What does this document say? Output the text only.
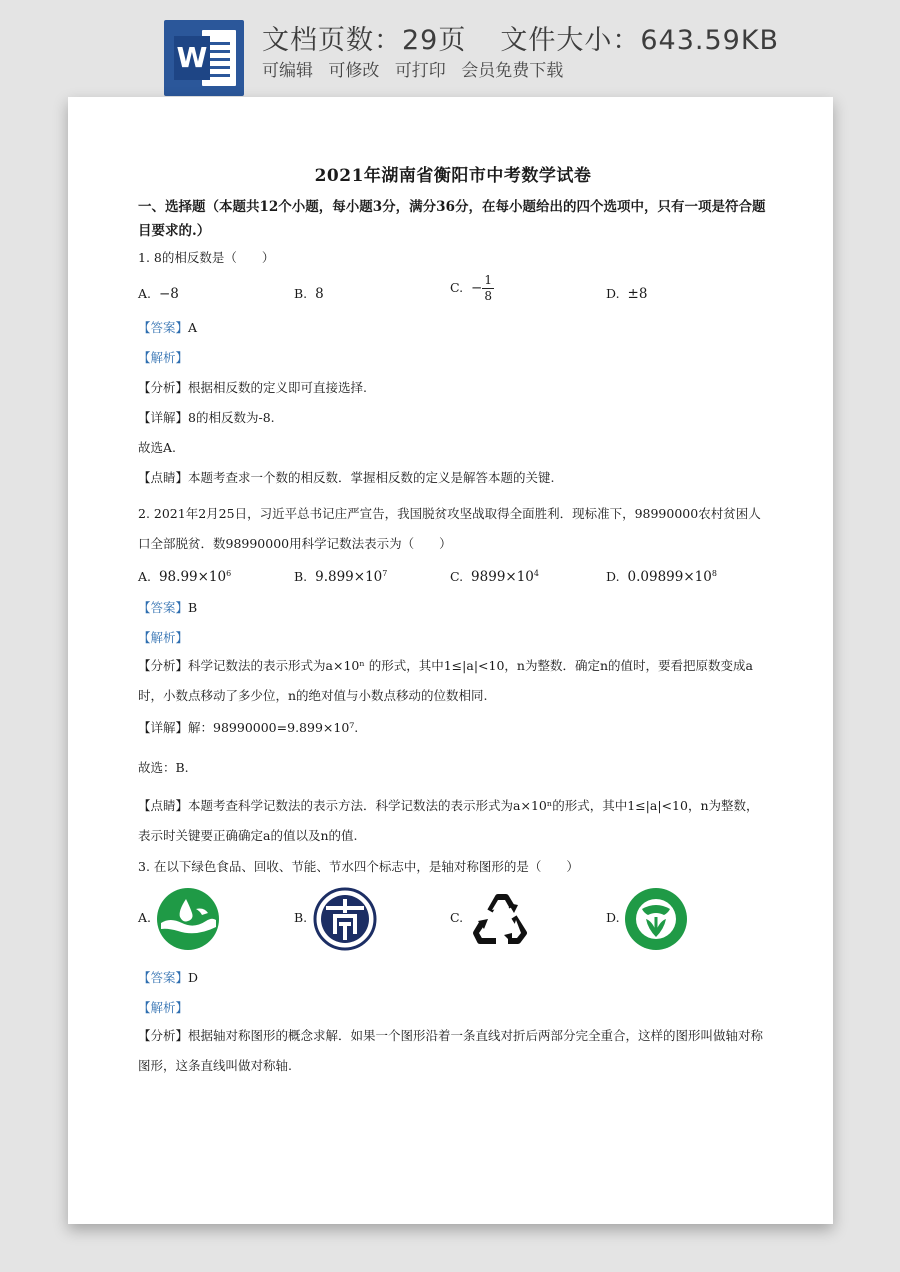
W
文档页数：29页 文件大小：643.59KB
可编辑 可修改 可打印 会员免费下载
2021年湖南省衡阳市中考数学试卷
一、选择题（本题共12个小题，每小题3分，满分36分，在每小题给出的四个选项中，只有一项是符合题目要求的.）
1. 8的相反数是（　　）
A. −8	B. 8	C. − $\frac{1}{8}$	D. ±8
【答案】A
【解析】
【分析】根据相反数的定义即可直接选择.
【详解】8的相反数为-8.
故选A.
【点睛】本题考查求一个数的相反数．掌握相反数的定义是解答本题的关键.
2. 2021年2月25日，习近平总书记庄严宣告，我国脱贫攻坚战取得全面胜利．现标准下，98990000农村贫困人口全部脱贫．数98990000用科学记数法表示为（　　）
A. $98.99\times 10^6$	B. $9.899\times 10^7$	C. $9899\times 10^4$	D. $0.09899\times 10^8$
【答案】B
【解析】
【分析】科学记数法的表示形式为a×10ⁿ 的形式，其中1≤|a|<10，n为整数．确定n的值时，要看把原数变成a时，小数点移动了多少位，n的绝对值与小数点移动的位数相同.
【详解】解：98990000=9.899×10⁷.
故选：B.
【点睛】本题考查科学记数法的表示方法．科学记数法的表示形式为a×10ⁿ的形式，其中1≤|a|<10，n为整数，表示时关键要正确确定a的值以及n的值.
3. 在以下绿色食品、回收、节能、节水四个标志中，是轴对称图形的是（　　）
A.	B.	C.	D.
【答案】D
【解析】
【分析】根据轴对称图形的概念求解．如果一个图形沿着一条直线对折后两部分完全重合，这样的图形叫做轴对称图形，这条直线叫做对称轴.
